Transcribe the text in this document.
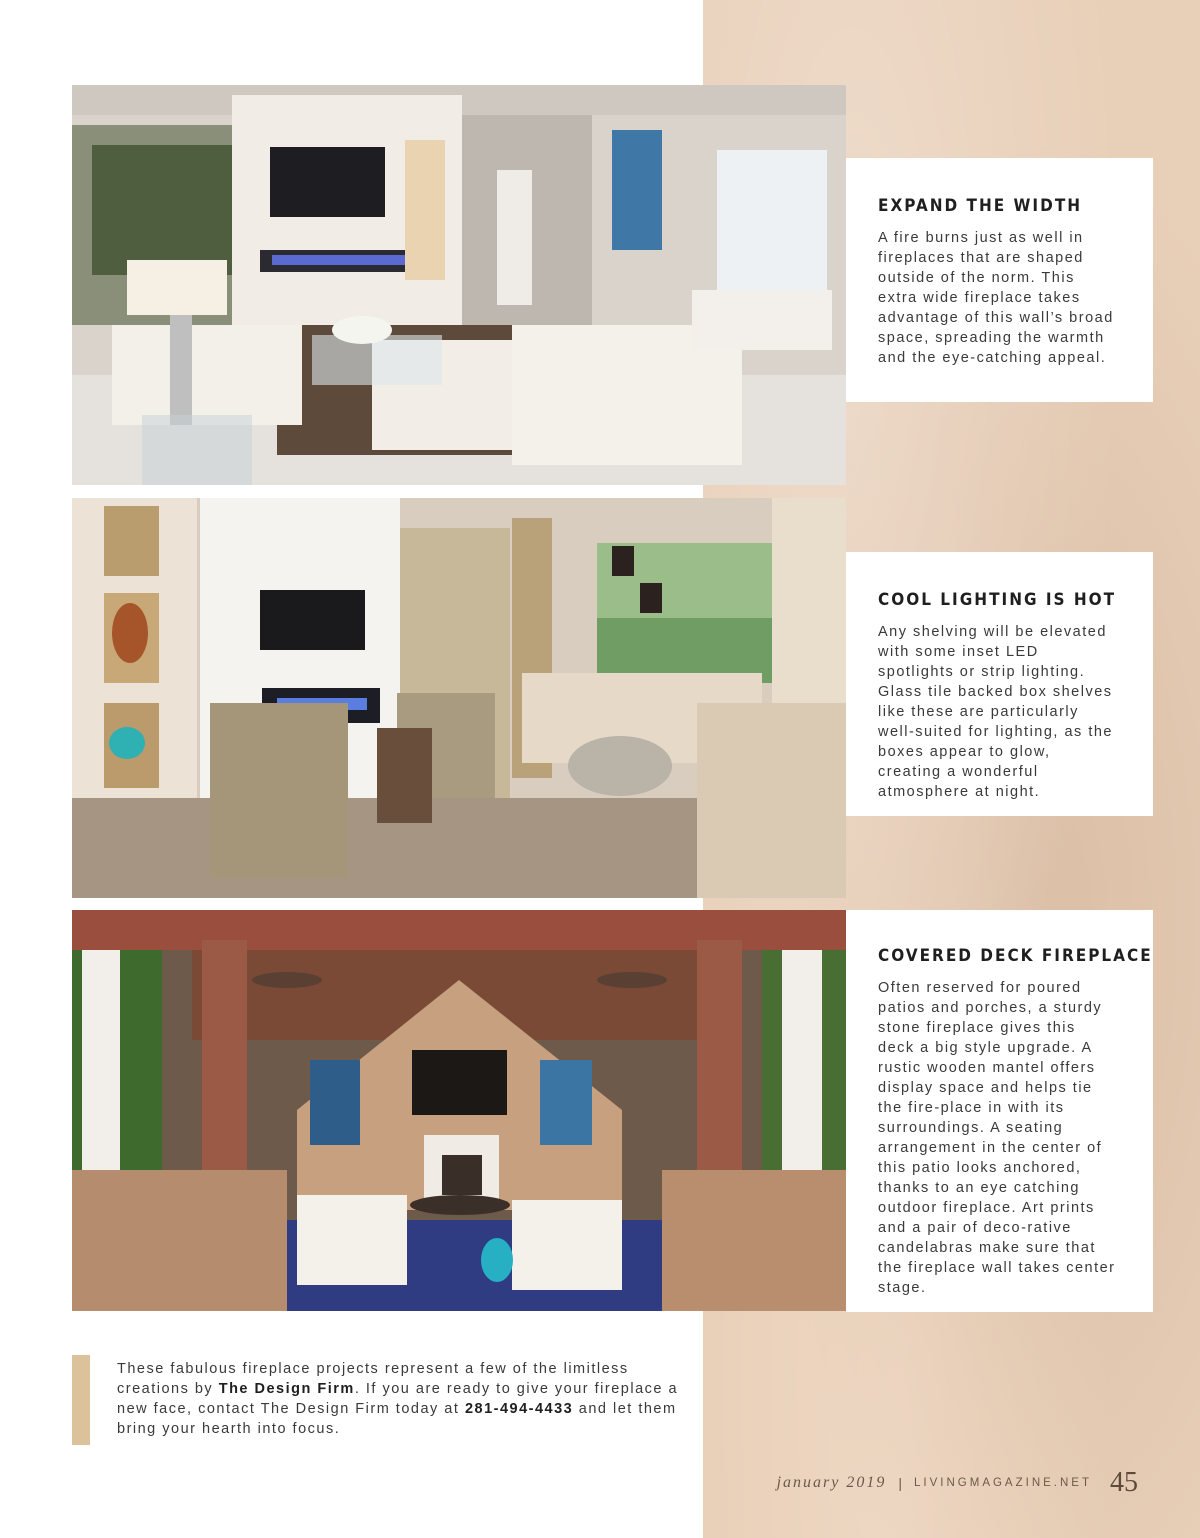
EXPAND THE WIDTH

A fire burns just as well in fireplaces that are shaped outside of the norm. This extra wide fireplace takes advantage of this wall’s broad space, spreading the warmth and the eye-catching appeal.

COOL LIGHTING IS HOT

Any shelving will be elevated with some inset LED spotlights or strip lighting. Glass tile backed box shelves like these are particularly well-suited for lighting, as the boxes appear to glow, creating a wonderful atmosphere at night.

COVERED DECK FIREPLACE

Often reserved for poured patios and porches, a sturdy stone fireplace gives this deck a big style upgrade. A rustic wooden mantel offers display space and helps tie the fire-place in with its surroundings. A seating arrangement in the center of this patio looks anchored, thanks to an eye catching outdoor fireplace. Art prints and a pair of deco-rative candelabras make sure that the fireplace wall takes center stage.

These fabulous fireplace projects represent a few of the limitless creations by The Design Firm. If you are ready to give your fireplace a new face, contact The Design Firm today at 281-494-4433 and let them bring your hearth into focus.

january 2019 | LIVINGMAGAZINE.NET 45
